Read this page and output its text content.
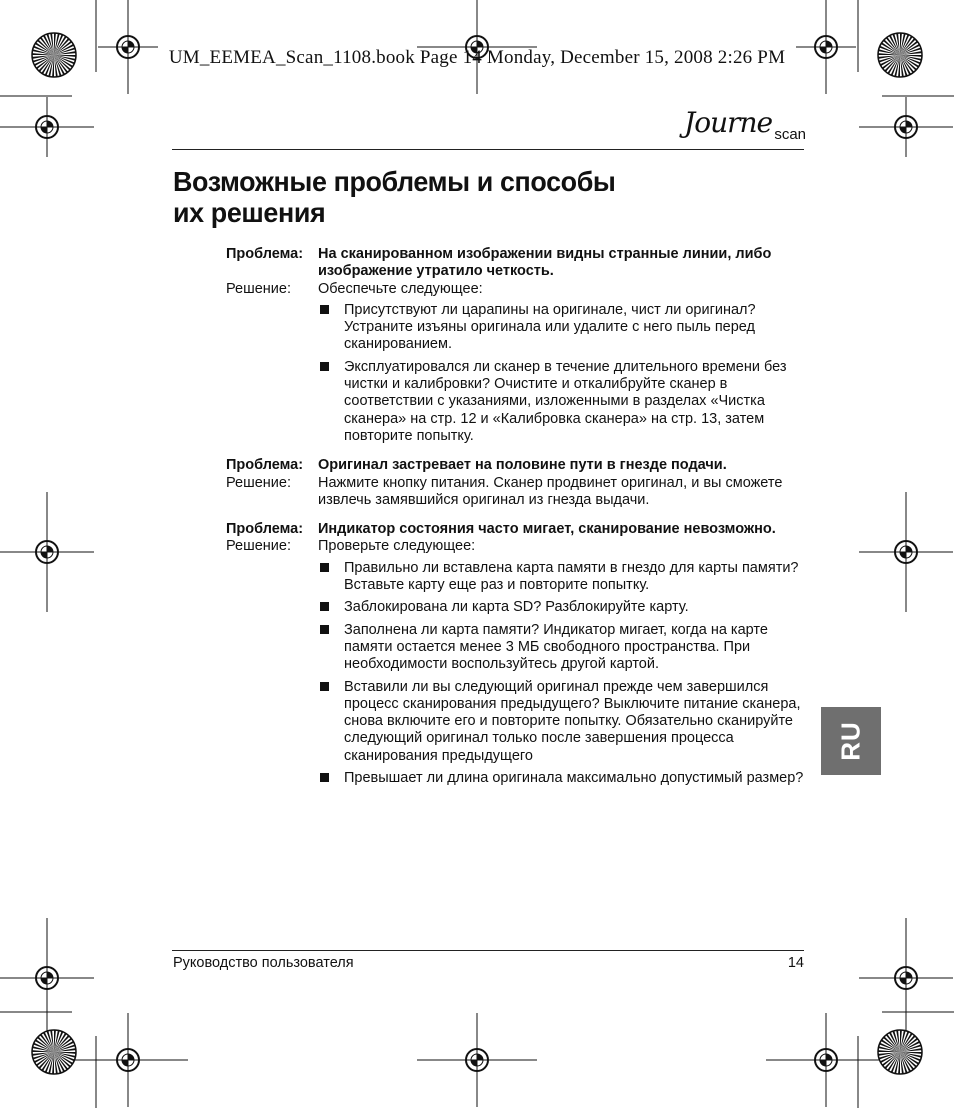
UM_EEMEA_Scan_1108.book Page 14 Monday, December 15, 2008 2:26 PM
Journe scan
Возможные проблемы и способы
их решения
Проблема:	На сканированном изображении видны странные линии, либо изображение утратило четкость.
Решение:	Обеспечьте следующее:
Присутствуют ли царапины на оригинале, чист ли оригинал? Устраните изъяны оригинала или удалите с него пыль перед сканированием.
Эксплуатировался ли сканер в течение длительного времени без чистки и калибровки? Очистите и откалибруйте сканер в соответствии с указаниями, изложенными в разделах «Чистка сканера» на стр. 12 и «Калибровка сканера» на стр. 13, затем повторите попытку.
Проблема:	Оригинал застревает на половине пути в гнезде подачи.
Решение:	Нажмите кнопку питания. Сканер продвинет оригинал, и вы сможете извлечь замявшийся оригинал из гнезда выдачи.
Проблема:	Индикатор состояния часто мигает, сканирование невозможно.
Решение:	Проверьте следующее:
Правильно ли вставлена карта памяти в гнездо для карты памяти? Вставьте карту еще раз и повторите попытку.
Заблокирована ли карта SD? Разблокируйте карту.
Заполнена ли карта памяти? Индикатор мигает, когда на карте памяти остается менее 3 МБ свободного пространства. При необходимости воспользуйтесь другой картой.
Вставили ли вы следующий оригинал прежде чем завершился процесс сканирования предыдущего? Выключите питание сканера, снова включите его и повторите попытку. Обязательно сканируйте следующий оригинал только после завершения процесса сканирования предыдущего
Превышает ли длина оригинала максимально допустимый размер?
RU
Руководство пользователя	14
